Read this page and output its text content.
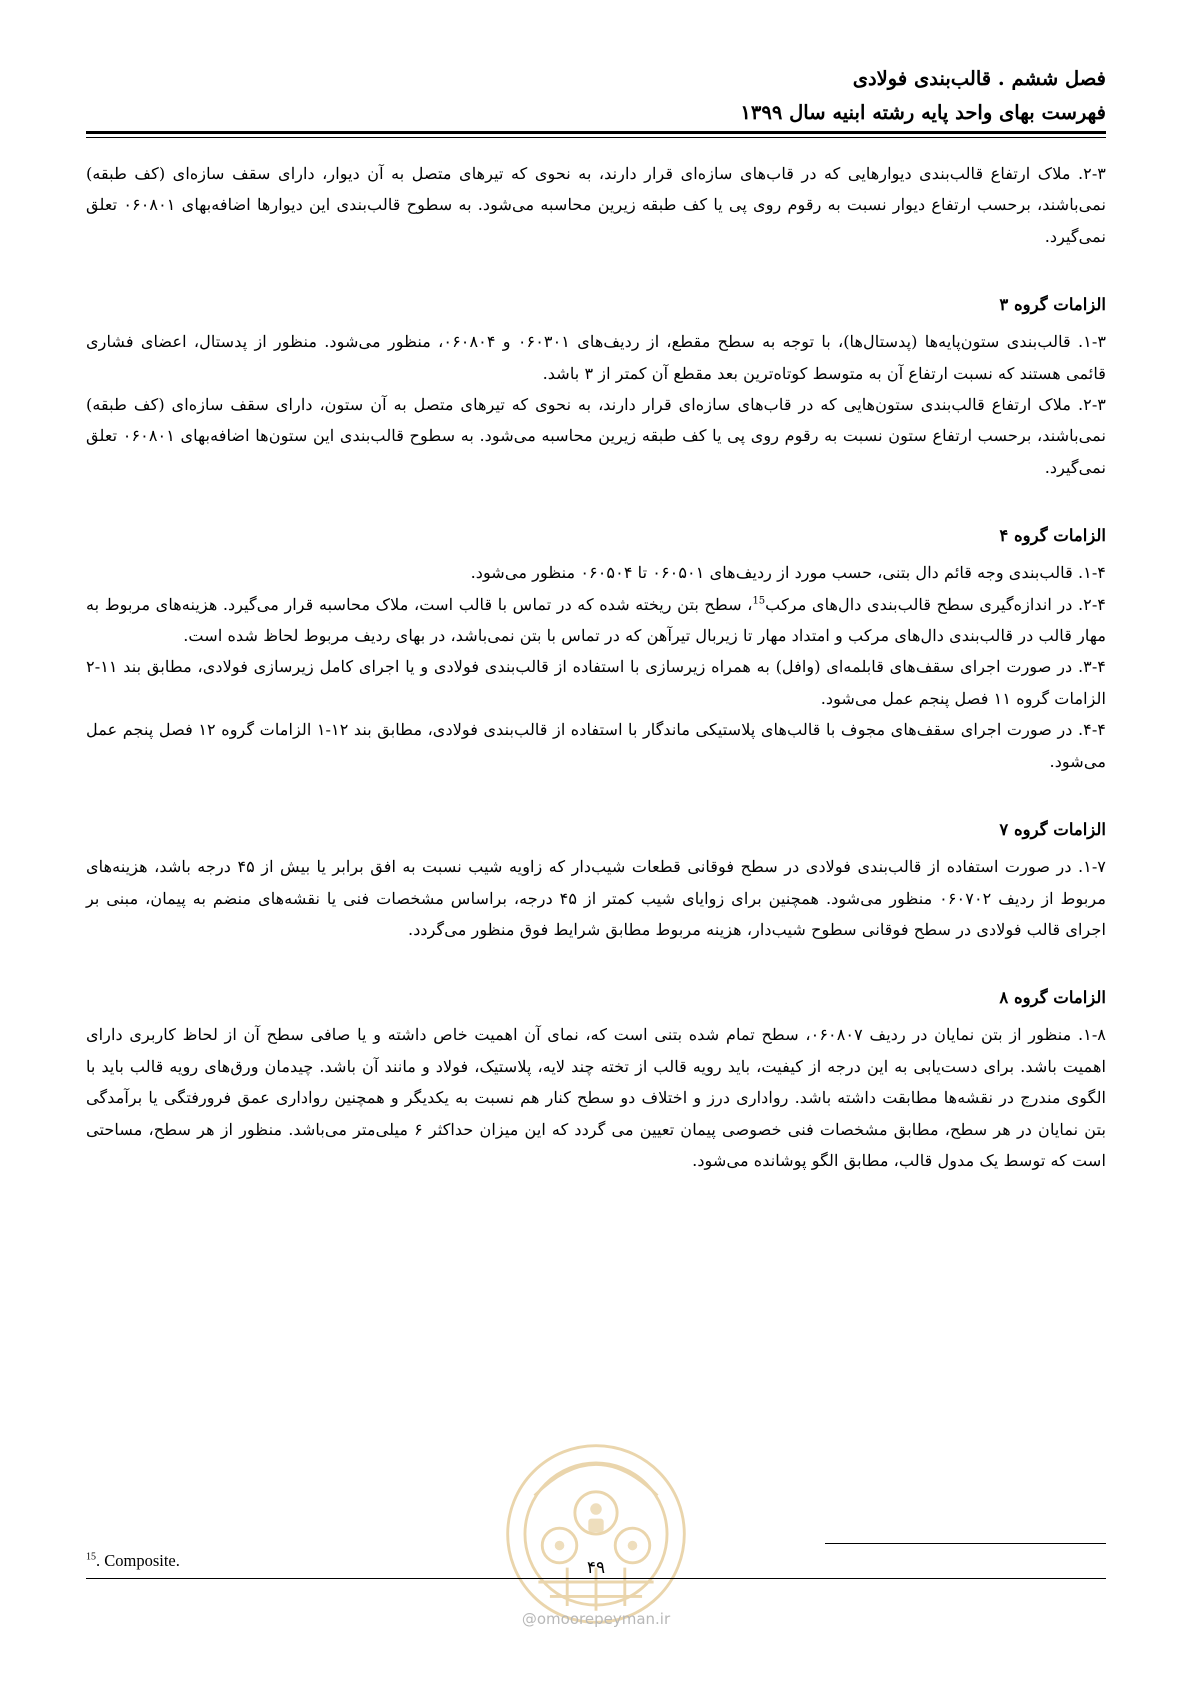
فصل ششم . قالب‌بندی فولادی
فهرست بهای واحد پایه رشته ابنیه سال ۱۳۹۹

۲-۳. ملاک ارتفاع قالب‌بندی دیوارهایی که در قاب‌های سازه‌ای قرار دارند، به نحوی که تیرهای متصل به آن دیوار، دارای سقف سازه‌ای (کف طبقه) نمی‌باشند، برحسب ارتفاع دیوار نسبت به رقوم روی پی یا کف طبقه زیرین محاسبه می‌شود. به سطوح قالب‌بندی این دیوارها اضافه‌بهای ۰۶۰۸۰۱ تعلق نمی‌گیرد.

الزامات گروه ۳

۱-۳. قالب‌بندی ستون‌پایه‌ها (پدستال‌ها)، با توجه به سطح مقطع، از ردیف‌های ۰۶۰۳۰۱ و ۰۶۰۸۰۴، منظور می‌شود. منظور از پدستال، اعضای فشاری قائمی هستند که نسبت ارتفاع آن به متوسط کوتاه‌ترین بعد مقطع آن کمتر از ۳ باشد.

۲-۳. ملاک ارتفاع قالب‌بندی ستون‌هایی که در قاب‌های سازه‌ای قرار دارند، به نحوی که تیرهای متصل به آن ستون، دارای سقف سازه‌ای (کف طبقه) نمی‌باشند، برحسب ارتفاع ستون نسبت به رقوم روی پی یا کف طبقه زیرین محاسبه می‌شود. به سطوح قالب‌بندی این ستون‌ها اضافه‌بهای ۰۶۰۸۰۱ تعلق نمی‌گیرد.

الزامات گروه ۴

۱-۴. قالب‌بندی وجه قائم دال بتنی، حسب مورد از ردیف‌های ۰۶۰۵۰۱ تا ۰۶۰۵۰۴ منظور می‌شود.

۲-۴. در اندازه‌گیری سطح قالب‌بندی دال‌های مرکب$^{15}$، سطح بتن ریخته شده که در تماس با قالب است، ملاک محاسبه قرار می‌گیرد. هزینه‌های مربوط به مهار قالب در قالب‌بندی دال‌های مرکب و امتداد مهار تا زیربال تیرآهن که در تماس با بتن نمی‌باشد، در بهای ردیف مربوط لحاظ شده است.

۳-۴. در صورت اجرای سقف‌های قابلمه‌ای (وافل) به همراه زیرسازی با استفاده از قالب‌بندی فولادی و یا اجرای کامل زیرسازی فولادی، مطابق بند ۱۱-۲ الزامات گروه ۱۱ فصل پنجم عمل می‌شود.

۴-۴. در صورت اجرای سقف‌های مجوف با قالب‌های پلاستیکی ماندگار با استفاده از قالب‌بندی فولادی، مطابق بند ۱۲-۱ الزامات گروه ۱۲ فصل پنجم عمل می‌شود.

الزامات گروه ۷

۱-۷. در صورت استفاده از قالب‌بندی فولادی در سطح فوقانی قطعات شیب‌دار که زاویه شیب نسبت به افق برابر یا بیش از ۴۵ درجه باشد، هزینه‌های مربوط از ردیف ۰۶۰۷۰۲ منظور می‌شود. همچنین برای زوایای شیب کمتر از ۴۵ درجه، براساس مشخصات فنی یا نقشه‌های منضم به پیمان، مبنی بر اجرای قالب فولادی در سطح فوقانی سطوح شیب‌دار، هزینه مربوط مطابق شرایط فوق منظور می‌گردد.

الزامات گروه ۸

۱-۸. منظور از بتن نمایان در ردیف ۰۶۰۸۰۷، سطح تمام شده بتنی است که، نمای آن اهمیت خاص داشته و یا صافی سطح آن از لحاظ کاربری دارای اهمیت باشد. برای دست‌یابی به این درجه از کیفیت، باید رویه قالب از تخته چند لایه، پلاستیک، فولاد و مانند آن باشد. چیدمان ورق‌های رویه قالب باید با الگوی مندرج در نقشه‌ها مطابقت داشته باشد. رواداری درز و اختلاف دو سطح کنار هم نسبت به یکدیگر و همچنین رواداری عمق فرورفتگی یا برآمدگی بتن نمایان در هر سطح، مطابق مشخصات فنی خصوصی پیمان تعیین می گردد که این میزان حداکثر ۶ میلی‌متر می‌باشد. منظور از هر سطح، مساحتی است که توسط یک مدول قالب، مطابق الگو پوشانده می‌شود.

$^{15}$. Composite.	۴۹
@omoorepeyman.ir
